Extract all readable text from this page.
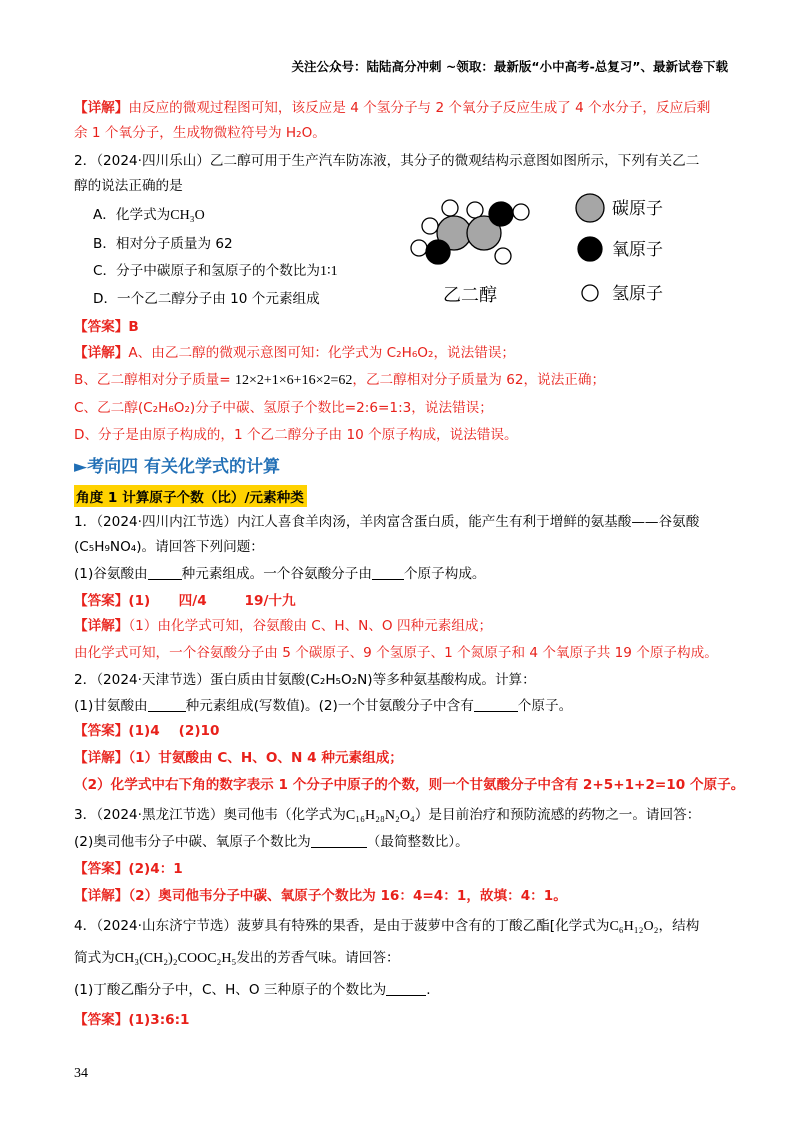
关注公众号：陆陆高分冲刺 ~领取：最新版“小中高考-总复习”、最新试卷下载
【详解】由反应的微观过程图可知，该反应是 4 个氢分子与 2 个氧分子反应生成了 4 个水分子，反应后剩
余 1 个氧分子，生成物微粒符号为 H₂O。
2．（2024·四川乐山）乙二醇可用于生产汽车防冻液，其分子的微观结构示意图如图所示，下列有关乙二
醇的说法正确的是
A．化学式为CH₃O
B．相对分子质量为 62
C．分子中碳原子和氢原子的个数比为1∶1
D．一个乙二醇分子由 10 个元素组成	乙二醇
碳原子
氧原子
氢原子
【答案】B
【详解】A、由乙二醇的微观示意图可知：化学式为 C₂H₆O₂，说法错误；
B、乙二醇相对分子质量= 12×2+1×6+16×2=62，乙二醇相对分子质量为 62，说法正确；
C、乙二醇(C₂H₆O₂)分子中碳、氢原子个数比=2:6=1:3，说法错误；
D、分子是由原子构成的，1 个乙二醇分子由 10 个原子构成，说法错误。
►考向四 有关化学式的计算
角度 1 计算原子个数（比）/元素种类
1．（2024·四川内江节选）内江人喜食羊肉汤，羊肉富含蛋白质，能产生有利于增鲜的氨基酸——谷氨酸
(C₅H₉NO₄)。请回答下列问题：
(1)谷氨酸由	种元素组成。一个谷氨酸分子由 个原子构成。
【答案】(1)      四/4        19/十九
【详解】（1）由化学式可知，谷氨酸由 C、H、N、O 四种元素组成；
由化学式可知，一个谷氨酸分子由 5 个碳原子、9 个氢原子、1 个氮原子和 4 个氧原子共 19 个原子构成。
2．（2024·天津节选）蛋白质由甘氨酸(C₂H₅O₂N)等多种氨基酸构成。计算：
(1)甘氨酸由	种元素组成(写数值)。(2)一个甘氨酸分子中含有	个原子。
【答案】(1)4    (2)10
【详解】（1）甘氨酸由 C、H、O、N 4 种元素组成；
（2）化学式中右下角的数字表示 1 个分子中原子的个数，则一个甘氨酸分子中含有 2+5+1+2=10 个原子。
3．（2024·黑龙江节选）奥司他韦（化学式为C₁₆H₂₈N₂O₄）是目前治疗和预防流感的药物之一。请回答：
(2)奥司他韦分子中碳、氧原子个数比为	（最简整数比）。
【答案】(2)4：1
【详解】（2）奥司他韦分子中碳、氧原子个数比为 16：4=4：1，故填：4：1。
4．（2024·山东济宁节选）菠萝具有特殊的果香，是由于菠萝中含有的丁酸乙酯[化学式为C₆H₁₂O₂，结构
简式为CH₃(CH₂)₂COOC₂H₅发出的芳香气味。请回答：
(1)丁酸乙酯分子中，C、H、O 三种原子的个数比为	.
【答案】(1)3:6:1
34
